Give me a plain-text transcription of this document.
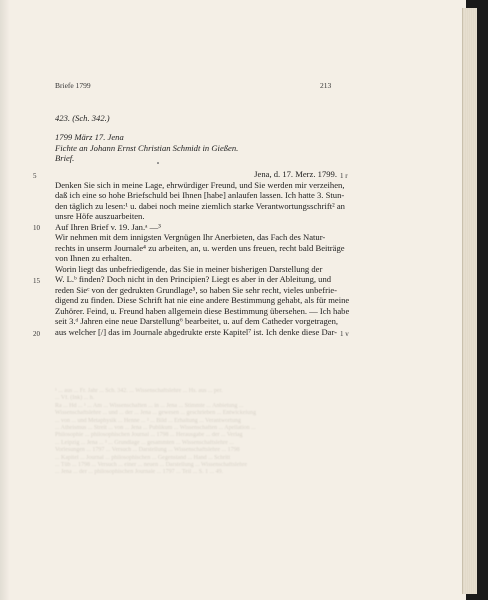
Briefe 1799	213
423. (Sch. 342.)
1799 März 17. Jena
Fichte an Johann Ernst Christian Schmidt in Gießen.
Brief.
Jena, d. 17. Merz. 1799.
Denken Sie sich in meine Lage, ehrwürdiger Freund, und Sie werden mir verzeihen,
daß ich eine so hohe Briefschuld bei Ihnen [habe] anlaufen lassen. Ich hatte 3. Stun-
den täglich zu lesen:¹ u. dabei noch meine ziemlich starke Verantwortungsschrift² an
unsre Höfe auszuarbeiten.
Auf Ihren Brief v. 19. Jan.ᵃ —³
Wir nehmen mit dem innigsten Vergnügen Ihr Anerbieten, das Fach des Natur-
rechts in unserm Journale⁴ zu arbeiten, an, u. werden uns freuen, recht bald Beiträge
von Ihnen zu erhalten.
Worin liegt das unbefriedigende, das Sie in meiner bisherigen Darstellung der
W. L.ᵇ finden? Doch nicht in den Principien? Liegt es aber in der Ableitung, und
reden Sieᶜ von der gedrukten Grundlage⁵, so haben Sie sehr recht, vieles unbefrie-
digend zu finden. Diese Schrift hat nie eine andere Bestimmung gehabt, als für meine
Zuhörer. Feind, u. Freund haben allgemein diese Bestimmung übersehen. — Ich habe
seit 3.ᵈ Jahren eine neue Darstellung⁶ bearbeitet, u. auf dem Catheder vorgetragen,
aus welcher [/] das im Journale abgedrukte erste Kapitel⁷ ist. Ich denke diese Dar-
5
10
15
20
1 r
1 v
¹ ... aus ... Fr. Jahr ... Sch. 342. ... Wissenschaftslehre ... Hs. aus ... per.
... Vf. (Ink) ... h.
Ra ... Hd ... ¹ ... Am ... Wissenschaften ... in ... Jena ... Stimmte ... Anbietung ...
Wissenschaftslehre ... und ... der ... Jena ... gewesen ... geschrieben ... Entwickelung
... von ... und Metaphysik ... Henne ... ² ... Bild ... Erhaltung ... Verantwortung
... Atheismus ... Streit ... von ... Jena ... Publikum ... Wissenschaften ... Apellation ...
Philosophie ... philosophischen Journal ... 1798 ... Herausgabe ... der ... Verlag
... Leipzig ... Jena ... ³ ... Grundlage ... gesammten ... Wissenschaftslehre ...
Vorlesungen ... 1797 ... Versuch ... Darstellung ... Wissenschaftslehre ... 1798
... Kapitel ... Journal ... philosophischen ... Gegenstand ... Hand ... Schritt
... Tüb ... 1798 ... Versuch ... einer ... neuen ... Darstellung ... Wissenschaftslehre
... Jena ... der ... philosophischen Journale ... 1797 ... Teil ... S. 1 ... 49.
